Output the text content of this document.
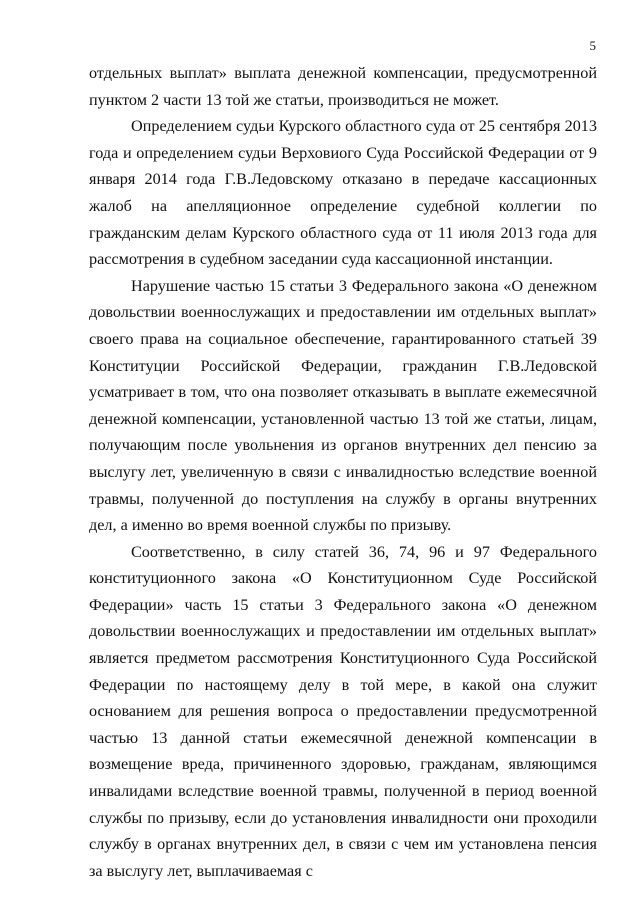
5

отдельных выплат» выплата денежной компенсации, предусмотренной пунктом 2 части 13 той же статьи, производиться не может.

Определением судьи Курского областного суда от 25 сентября 2013 года и определением судьи Верховиого Суда Российской Федерации от 9 января 2014 года Г.В.Ледовскому отказано в передаче кассационных жалоб на апелляционное определение судебной коллегии по гражданским делам Курского областного суда от 11 июля 2013 года для рассмотрения в судебном заседании суда кассационной инстанции.

Нарушение частью 15 статьи 3 Федерального закона «О денежном довольствии военнослужащих и предоставлении им отдельных выплат» своего права на социальное обеспечение, гарантированного статьей 39 Конституции Российской Федерации, гражданин Г.В.Ледовской усматривает в том, что она позволяет отказывать в выплате ежемесячной денежной компенсации, установленной частью 13 той же статьи, лицам, получающим после увольнения из органов внутренних дел пенсию за выслугу лет, увеличенную в связи с инвалидностью вследствие военной травмы, полученной до поступления на службу в органы внутренних дел, а именно во время военной службы по призыву.

Соответственно, в силу статей 36, 74, 96 и 97 Федерального конституционного закона «О Конституционном Суде Российской Федерации» часть 15 статьи 3 Федерального закона «О денежном довольствии военнослужащих и предоставлении им отдельных выплат» является предметом рассмотрения Конституционного Суда Российской Федерации по настоящему делу в той мере, в какой она служит основанием для решения вопроса о предоставлении предусмотренной частью 13 данной статьи ежемесячной денежной компенсации в возмещение вреда, причиненного здоровью, гражданам, являющимся инвалидами вследствие военной травмы, полученной в период военной службы по призыву, если до установления инвалидности они проходили службу в органах внутренних дел, в связи с чем им установлена пенсия за выслугу лет, выплачиваемая с
